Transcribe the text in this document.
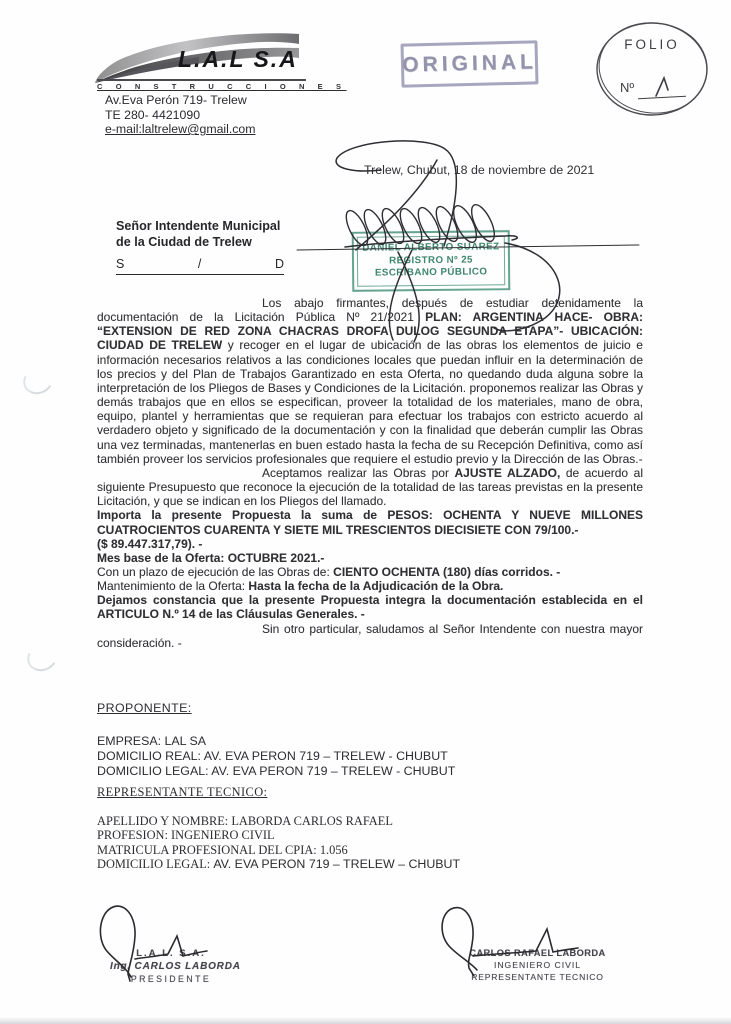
L.A.L S.A
C O N S T R U C C I O N E S
Av.Eva Perón 719- Trelew
TE 280- 4421090
e-mail:laltrelew@gmail.com
ORIGINAL
FOLIO
Nº
Trelew, Chubut, 18 de noviembre de 2021
Señor Intendente Municipal
de la Ciudad de Trelew
S	/	D
DANIEL ALBERTO SUAREZ
REGISTRO Nº 25
ESCRIBANO PÚBLICO

Los abajo firmantes, después de estudiar detenidamente la documentación de la Licitación Pública Nº 21/2021 PLAN: ARGENTINA HACE- OBRA: “EXTENSION DE RED ZONA CHACRAS DROFA DULOG SEGUNDA ETAPA”- UBICACIÓN: CIUDAD DE TRELEW y recoger en el lugar de ubicación de las obras los elementos de juicio e información necesarios relativos a las condiciones locales que puedan influir en la determinación de los precios y del Plan de Trabajos Garantizado en esta Oferta, no quedando duda alguna sobre la interpretación de los Pliegos de Bases y Condiciones de la Licitación. proponemos realizar las Obras y demás trabajos que en ellos se especifican, proveer la totalidad de los materiales, mano de obra, equipo, plantel y herramientas que se requieran para efectuar los trabajos con estricto acuerdo al verdadero objeto y significado de la documentación y con la finalidad que deberán cumplir las Obras una vez terminadas, mantenerlas en buen estado hasta la fecha de su Recepción Definitiva, como así también proveer los servicios profesionales que requiere el estudio previo y la Dirección de las Obras.-

Aceptamos realizar las Obras por AJUSTE ALZADO, de acuerdo al siguiente Presupuesto que reconoce la ejecución de la totalidad de las tareas previstas en la presente Licitación, y que se indican en los Pliegos del llamado.

Importa la presente Propuesta la suma de PESOS: OCHENTA Y NUEVE MILLONES CUATROCIENTOS CUARENTA Y SIETE MIL TRESCIENTOS DIECISIETE CON 79/100.-

($ 89.447.317,79). -

Mes base de la Oferta: OCTUBRE 2021.-

Con un plazo de ejecución de las Obras de: CIENTO OCHENTA (180) días corridos. -

Mantenimiento de la Oferta: Hasta la fecha de la Adjudicación de la Obra.

Dejamos constancia que la presente Propuesta integra la documentación establecida en el ARTICULO N.º 14 de las Cláusulas Generales. -

Sin otro particular, saludamos al Señor Intendente con nuestra mayor consideración. -

PROPONENTE:
EMPRESA: LAL SA
DOMICILIO REAL: AV. EVA PERON 719 – TRELEW - CHUBUT
DOMICILIO LEGAL: AV. EVA PERON 719 – TRELEW - CHUBUT
REPRESENTANTE TECNICO:
APELLIDO Y NOMBRE: LABORDA CARLOS RAFAEL
PROFESION: INGENIERO CIVIL
MATRICULA PROFESIONAL DEL CPIA: 1.056
DOMICILIO LEGAL: AV. EVA PERON 719 – TRELEW – CHUBUT
L.A.L. S.A.
Ing. CARLOS LABORDA
PRESIDENTE
CARLOS RAFAEL LABORDA
INGENIERO CIVIL
REPRESENTANTE TECNICO
